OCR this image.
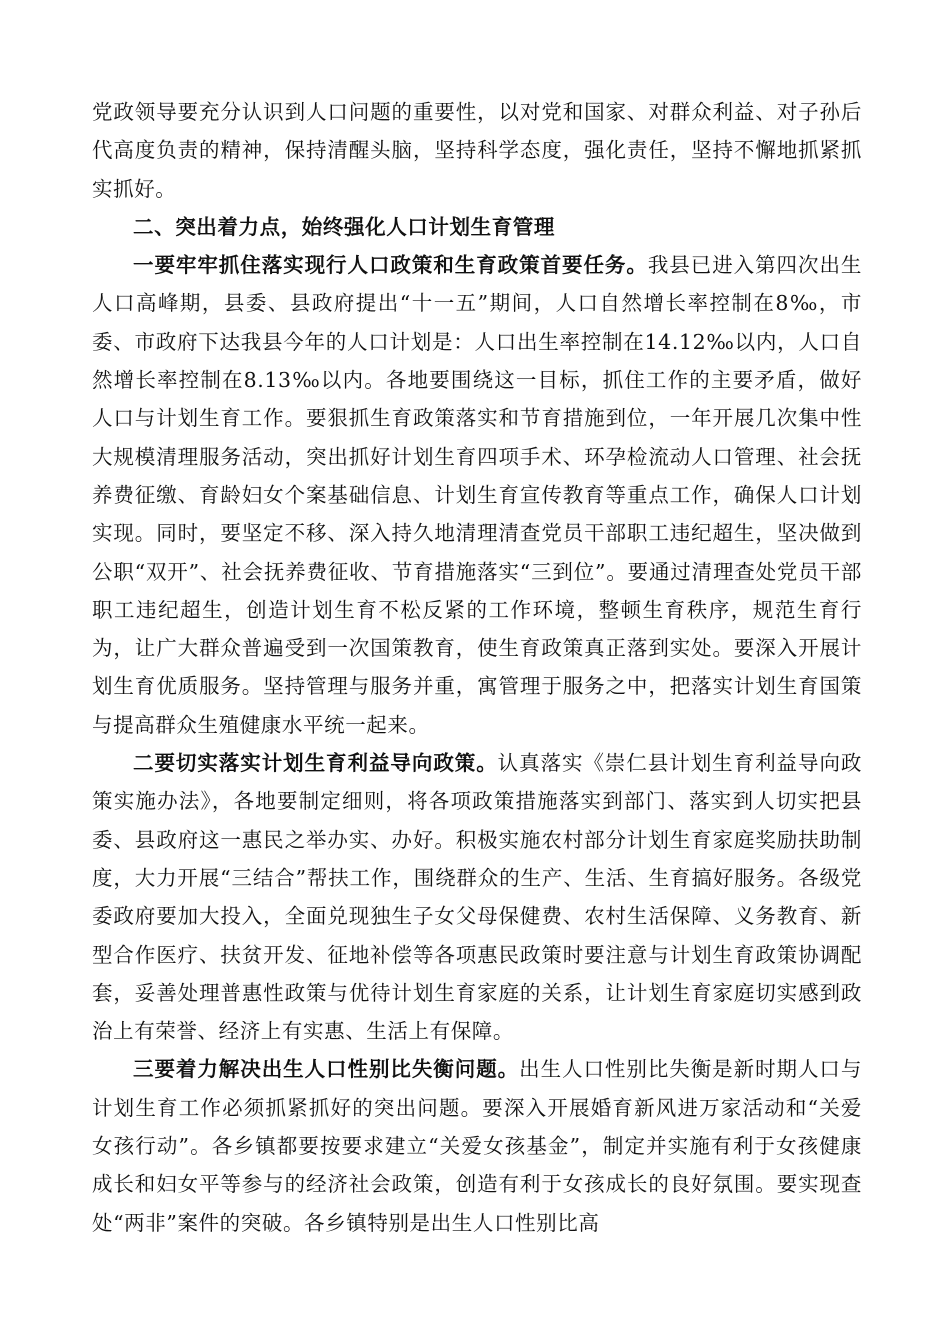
党政领导要充分认识到人口问题的重要性，以对党和国家、对群众利益、对子孙后代高度负责的精神，保持清醒头脑，坚持科学态度，强化责任，坚持不懈地抓紧抓实抓好。

二、突出着力点，始终强化人口计划生育管理

一要牢牢抓住落实现行人口政策和生育政策首要任务。我县已进入第四次出生人口高峰期，县委、县政府提出“十一五”期间，人口自然增长率控制在8‰，市委、市政府下达我县今年的人口计划是：人口出生率控制在14.12‰以内，人口自然增长率控制在8.13‰以内。各地要围绕这一目标，抓住工作的主要矛盾，做好人口与计划生育工作。要狠抓生育政策落实和节育措施到位，一年开展几次集中性大规模清理服务活动，突出抓好计划生育四项手术、环孕检流动人口管理、社会抚养费征缴、育龄妇女个案基础信息、计划生育宣传教育等重点工作，确保人口计划实现。同时，要坚定不移、深入持久地清理清查党员干部职工违纪超生，坚决做到公职“双开”、社会抚养费征收、节育措施落实“三到位”。要通过清理查处党员干部职工违纪超生，创造计划生育不松反紧的工作环境，整顿生育秩序，规范生育行为，让广大群众普遍受到一次国策教育，使生育政策真正落到实处。要深入开展计划生育优质服务。坚持管理与服务并重，寓管理于服务之中，把落实计划生育国策与提高群众生殖健康水平统一起来。

二要切实落实计划生育利益导向政策。认真落实《崇仁县计划生育利益导向政策实施办法》，各地要制定细则，将各项政策措施落实到部门、落实到人切实把县委、县政府这一惠民之举办实、办好。积极实施农村部分计划生育家庭奖励扶助制度，大力开展“三结合”帮扶工作，围绕群众的生产、生活、生育搞好服务。各级党委政府要加大投入，全面兑现独生子女父母保健费、农村生活保障、义务教育、新型合作医疗、扶贫开发、征地补偿等各项惠民政策时要注意与计划生育政策协调配套，妥善处理普惠性政策与优待计划生育家庭的关系，让计划生育家庭切实感到政治上有荣誉、经济上有实惠、生活上有保障。

三要着力解决出生人口性别比失衡问题。出生人口性别比失衡是新时期人口与计划生育工作必须抓紧抓好的突出问题。要深入开展婚育新风进万家活动和“关爱女孩行动”。各乡镇都要按要求建立“关爱女孩基金”，制定并实施有利于女孩健康成长和妇女平等参与的经济社会政策，创造有利于女孩成长的良好氛围。要实现查处“两非”案件的突破。各乡镇特别是出生人口性别比高
